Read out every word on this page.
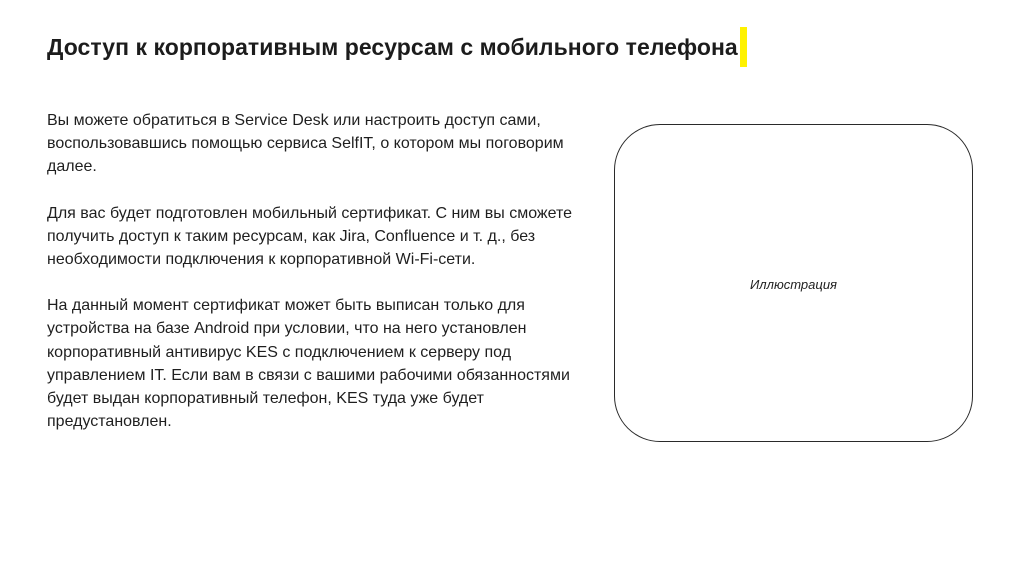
Доступ к корпоративным ресурсам с мобильного телефона

Вы можете обратиться в Service Desk или настроить доступ сами, воспользовавшись помощью сервиса SelfIT, о котором мы поговорим далее.

Для вас будет подготовлен мобильный сертификат. С ним вы сможете получить доступ к таким ресурсам, как Jira, Confluence и т. д., без необходимости подключения к корпоративной Wi-Fi-сети.

На данный момент сертификат может быть выписан только для устройства на базе Android при условии, что на него установлен корпоративный антивирус KES с подключением к серверу под управлением IT. Если вам в связи с вашими рабочими обязанностями будет выдан корпоративный телефон, KES туда уже будет предустановлен.

Иллюстрация
